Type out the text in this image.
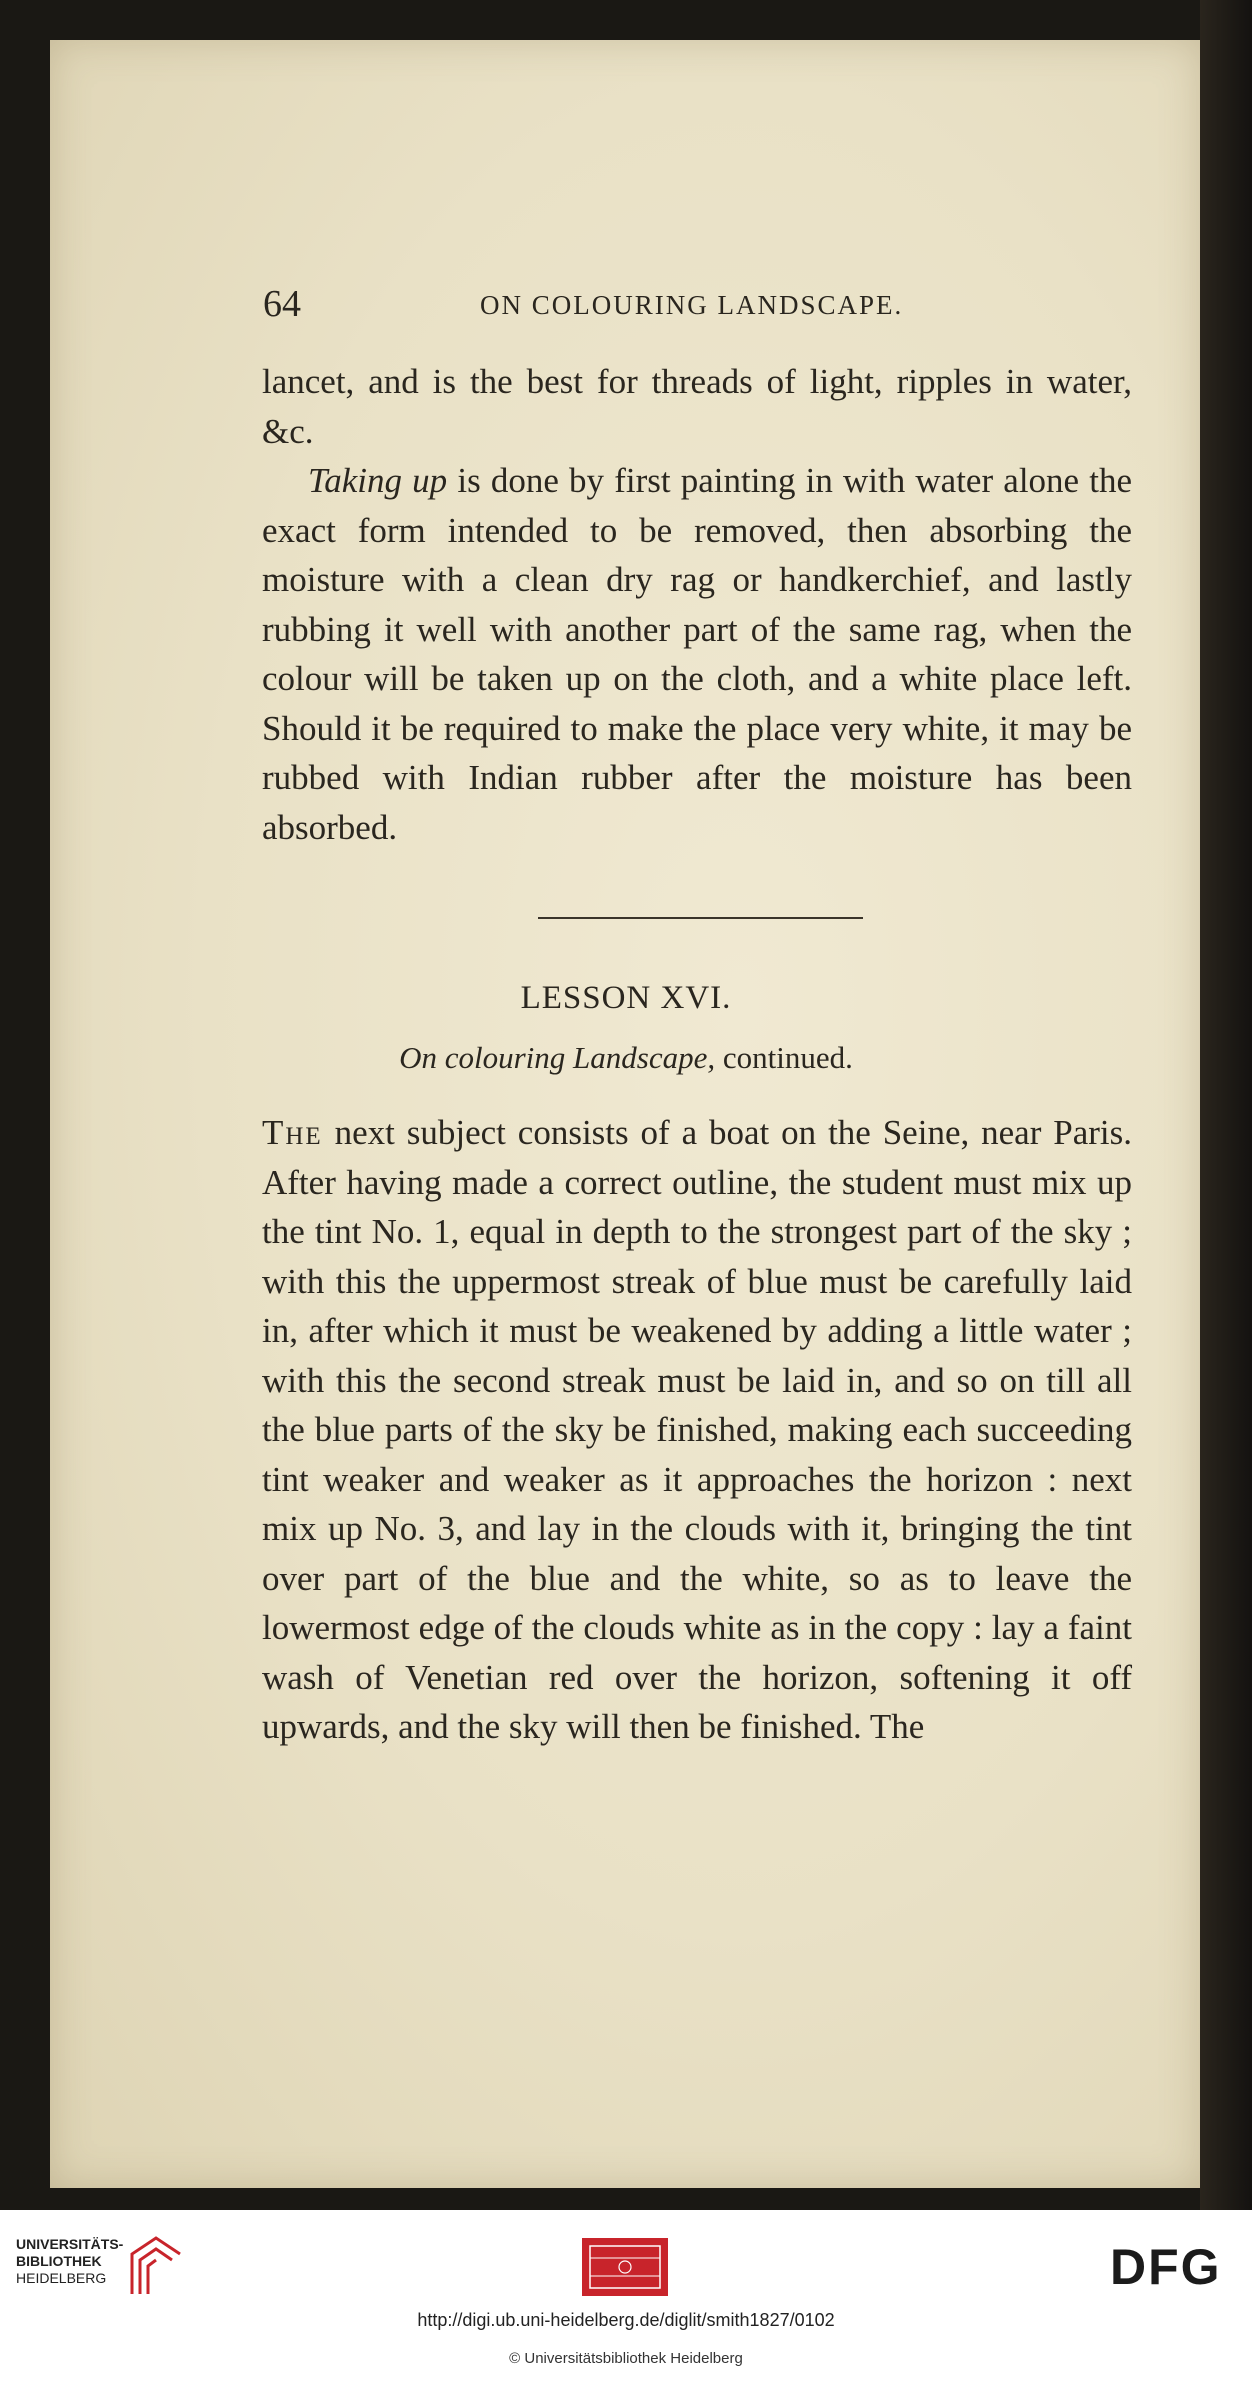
64	ON COLOURING LANDSCAPE.

lancet, and is the best for threads of light, ripples in water, &c.

Taking up is done by first painting in with water alone the exact form intended to be removed, then absorbing the moisture with a clean dry rag or handkerchief, and lastly rubbing it well with another part of the same rag, when the colour will be taken up on the cloth, and a white place left. Should it be required to make the place very white, it may be rubbed with Indian rubber after the moisture has been absorbed.

LESSON XVI.
On colouring Landscape, continued.

The next subject consists of a boat on the Seine, near Paris. After having made a correct outline, the student must mix up the tint No. 1, equal in depth to the strongest part of the sky ; with this the uppermost streak of blue must be carefully laid in, after which it must be weakened by adding a little water ; with this the second streak must be laid in, and so on till all the blue parts of the sky be finished, making each succeeding tint weaker and weaker as it approaches the horizon : next mix up No. 3, and lay in the clouds with it, bringing the tint over part of the blue and the white, so as to leave the lowermost edge of the clouds white as in the copy : lay a faint wash of Venetian red over the horizon, softening it off upwards, and the sky will then be finished. The

UNIVERSITÄTS-
BIBLIOTHEK
HEIDELBERG	DFG
http://digi.ub.uni-heidelberg.de/diglit/smith1827/0102
© Universitätsbibliothek Heidelberg
